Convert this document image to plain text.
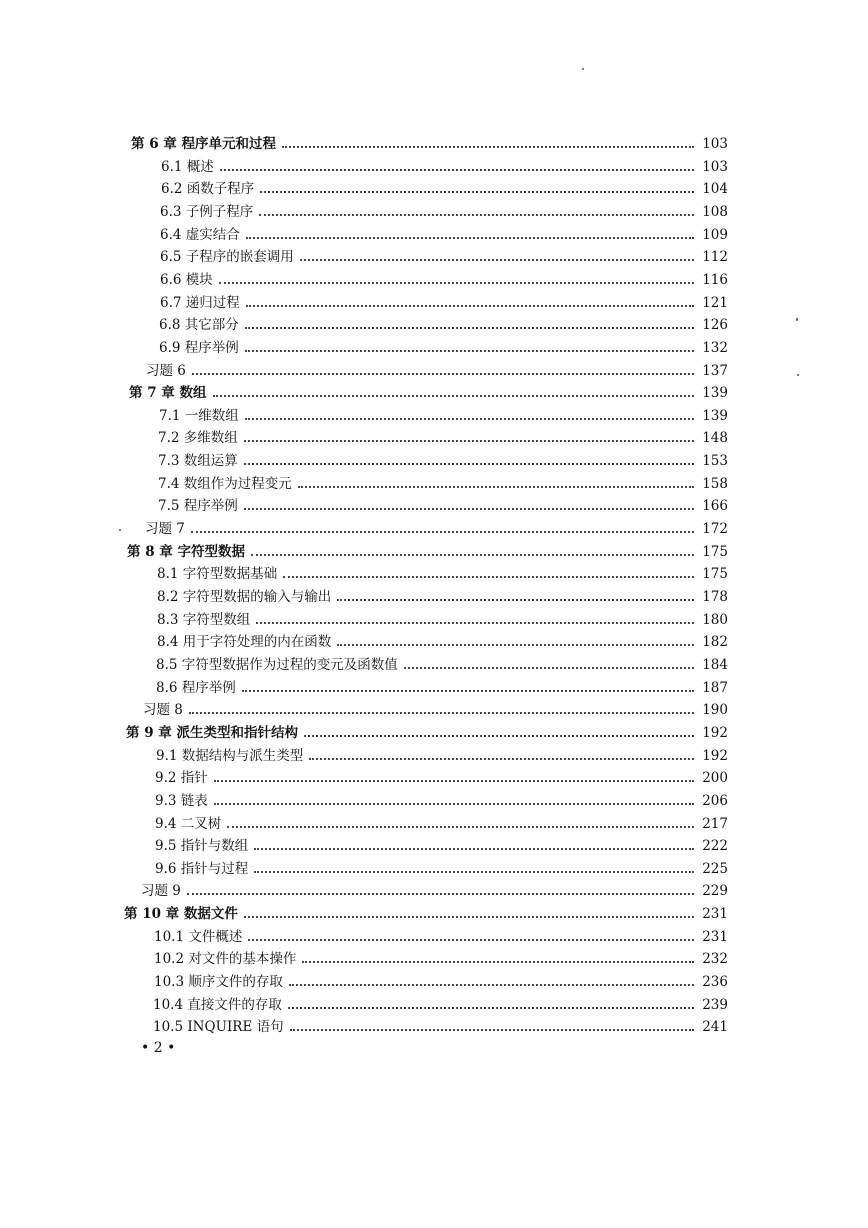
第 6 章 程序单元和过程	103
6.1 概述	103
6.2 函数子程序	104
6.3 子例子程序	108
6.4 虚实结合	109
6.5 子程序的嵌套调用	112
6.6 模块	116
6.7 递归过程	121
6.8 其它部分	126
6.9 程序举例	132
习题 6	137
第 7 章 数组	139
7.1 一维数组	139
7.2 多维数组	148
7.3 数组运算	153
7.4 数组作为过程变元	158
7.5 程序举例	166
习题 7	172
第 8 章 字符型数据	175
8.1 字符型数据基础	175
8.2 字符型数据的输入与输出	178
8.3 字符型数组	180
8.4 用于字符处理的内在函数	182
8.5 字符型数据作为过程的变元及函数值	184
8.6 程序举例	187
习题 8	190
第 9 章 派生类型和指针结构	192
9.1 数据结构与派生类型	192
9.2 指针	200
9.3 链表	206
9.4 二叉树	217
9.5 指针与数组	222
9.6 指针与过程	225
习题 9	229
第 10 章 数据文件	231
10.1 文件概述	231
10.2 对文件的基本操作	232
10.3 顺序文件的存取	236
10.4 直接文件的存取	239
10.5 INQUIRE 语句	241
• 2 •
